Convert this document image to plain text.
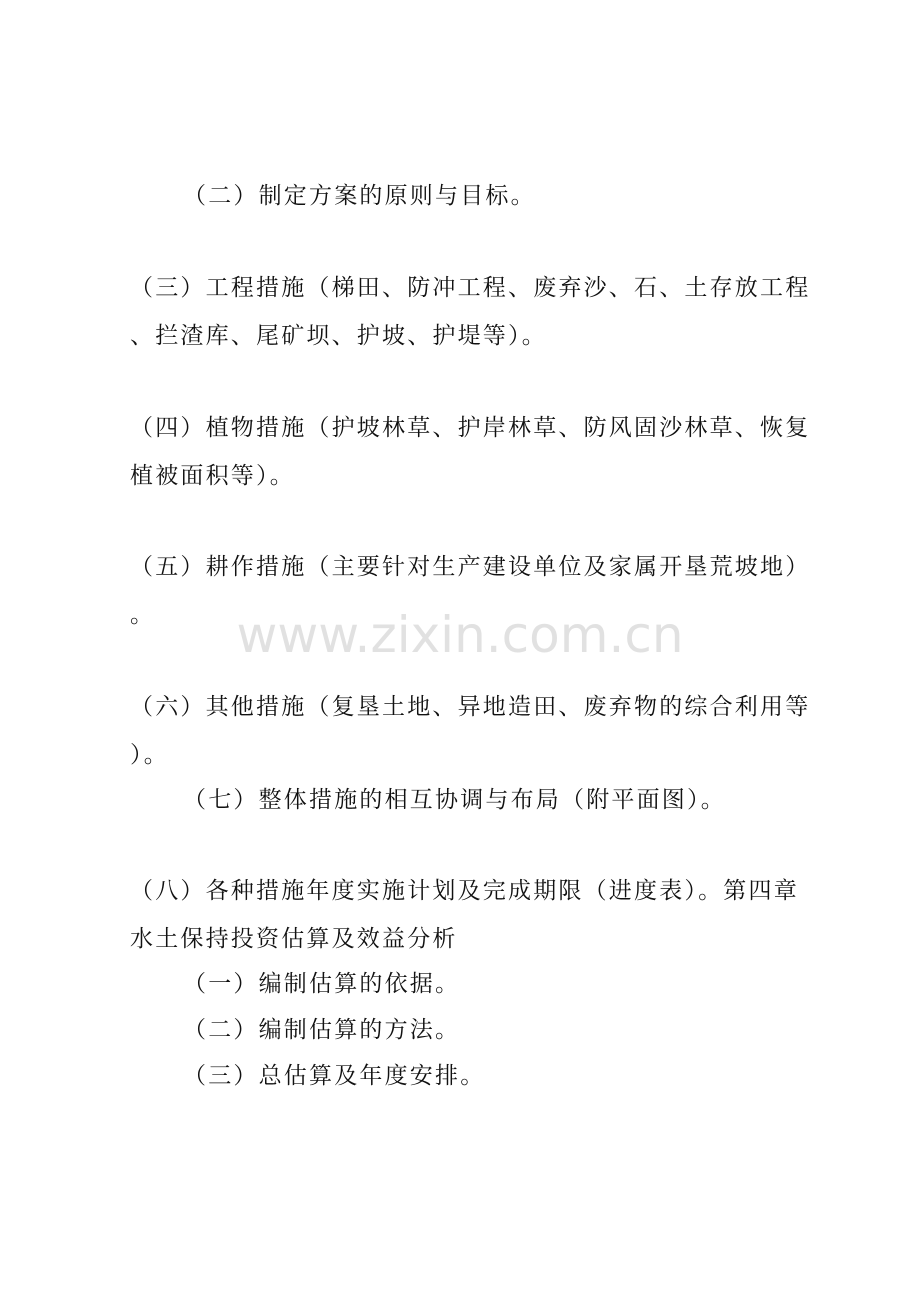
（二）制定方案的原则与目标。
（三）工程措施（梯田、防冲工程、废弃沙、石、土存放工程
、拦渣库、尾矿坝、护坡、护堤等）。
（四）植物措施（护坡林草、护岸林草、防风固沙林草、恢复
植被面积等）。
（五）耕作措施（主要针对生产建设单位及家属开垦荒坡地）
。
（六）其他措施（复垦土地、异地造田、废弃物的综合利用等
）。
（七）整体措施的相互协调与布局（附平面图）。
（八）各种措施年度实施计划及完成期限（进度表）。第四章
水土保持投资估算及效益分析
（一）编制估算的依据。
（二）编制估算的方法。
（三）总估算及年度安排。
www.zixin.com.cn
